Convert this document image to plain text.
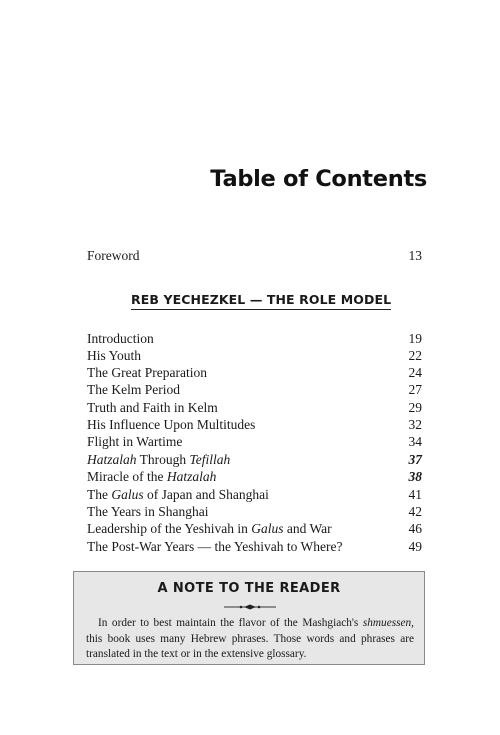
Table of Contents
Foreword	13
REB YECHEZKEL — THE ROLE MODEL
Introduction	19
His Youth	22
The Great Preparation	24
The Kelm Period	27
Truth and Faith in Kelm	29
His Influence Upon Multitudes	32
Flight in Wartime	34
Hatzalah Through Tefillah	37
Miracle of the Hatzalah	38
The Galus of Japan and Shanghai	41
The Years in Shanghai	42
Leadership of the Yeshivah in Galus and War	46
The Post-War Years — the Yeshivah to Where?	49
A NOTE TO THE READER
In order to best maintain the flavor of the Mashgiach's shmuessen, this book uses many Hebrew phrases. Those words and phrases are translated in the text or in the extensive glossary.
